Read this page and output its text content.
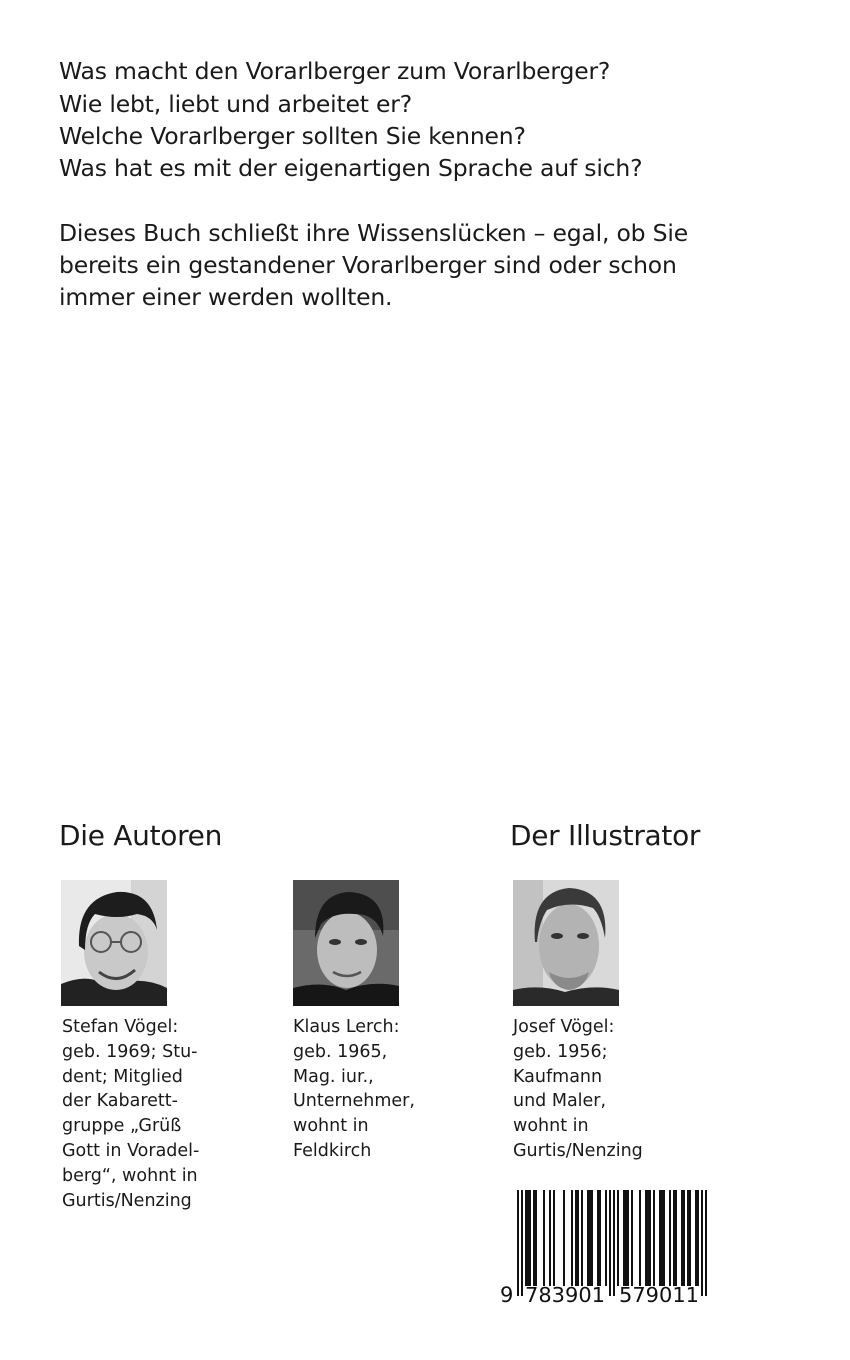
Was macht den Vorarlberger zum Vorarlberger?
Wie lebt, liebt und arbeitet er?
Welche Vorarlberger sollten Sie kennen?
Was hat es mit der eigenartigen Sprache auf sich?
Dieses Buch schließt ihre Wissenslücken – egal, ob Sie
bereits ein gestandener Vorarlberger sind oder schon
immer einer werden wollten.
Die Autoren	Der Illustrator
Stefan Vögel:
geb. 1969; Stu-
dent; Mitglied
der Kabarett-
gruppe „Grüß
Gott in Voradel-
berg“, wohnt in
Gurtis/Nenzing
Klaus Lerch:
geb. 1965,
Mag. iur.,
Unternehmer,
wohnt in
Feldkirch
Josef Vögel:
geb. 1956;
Kaufmann
und Maler,
wohnt in
Gurtis/Nenzing
9 783901 579011
